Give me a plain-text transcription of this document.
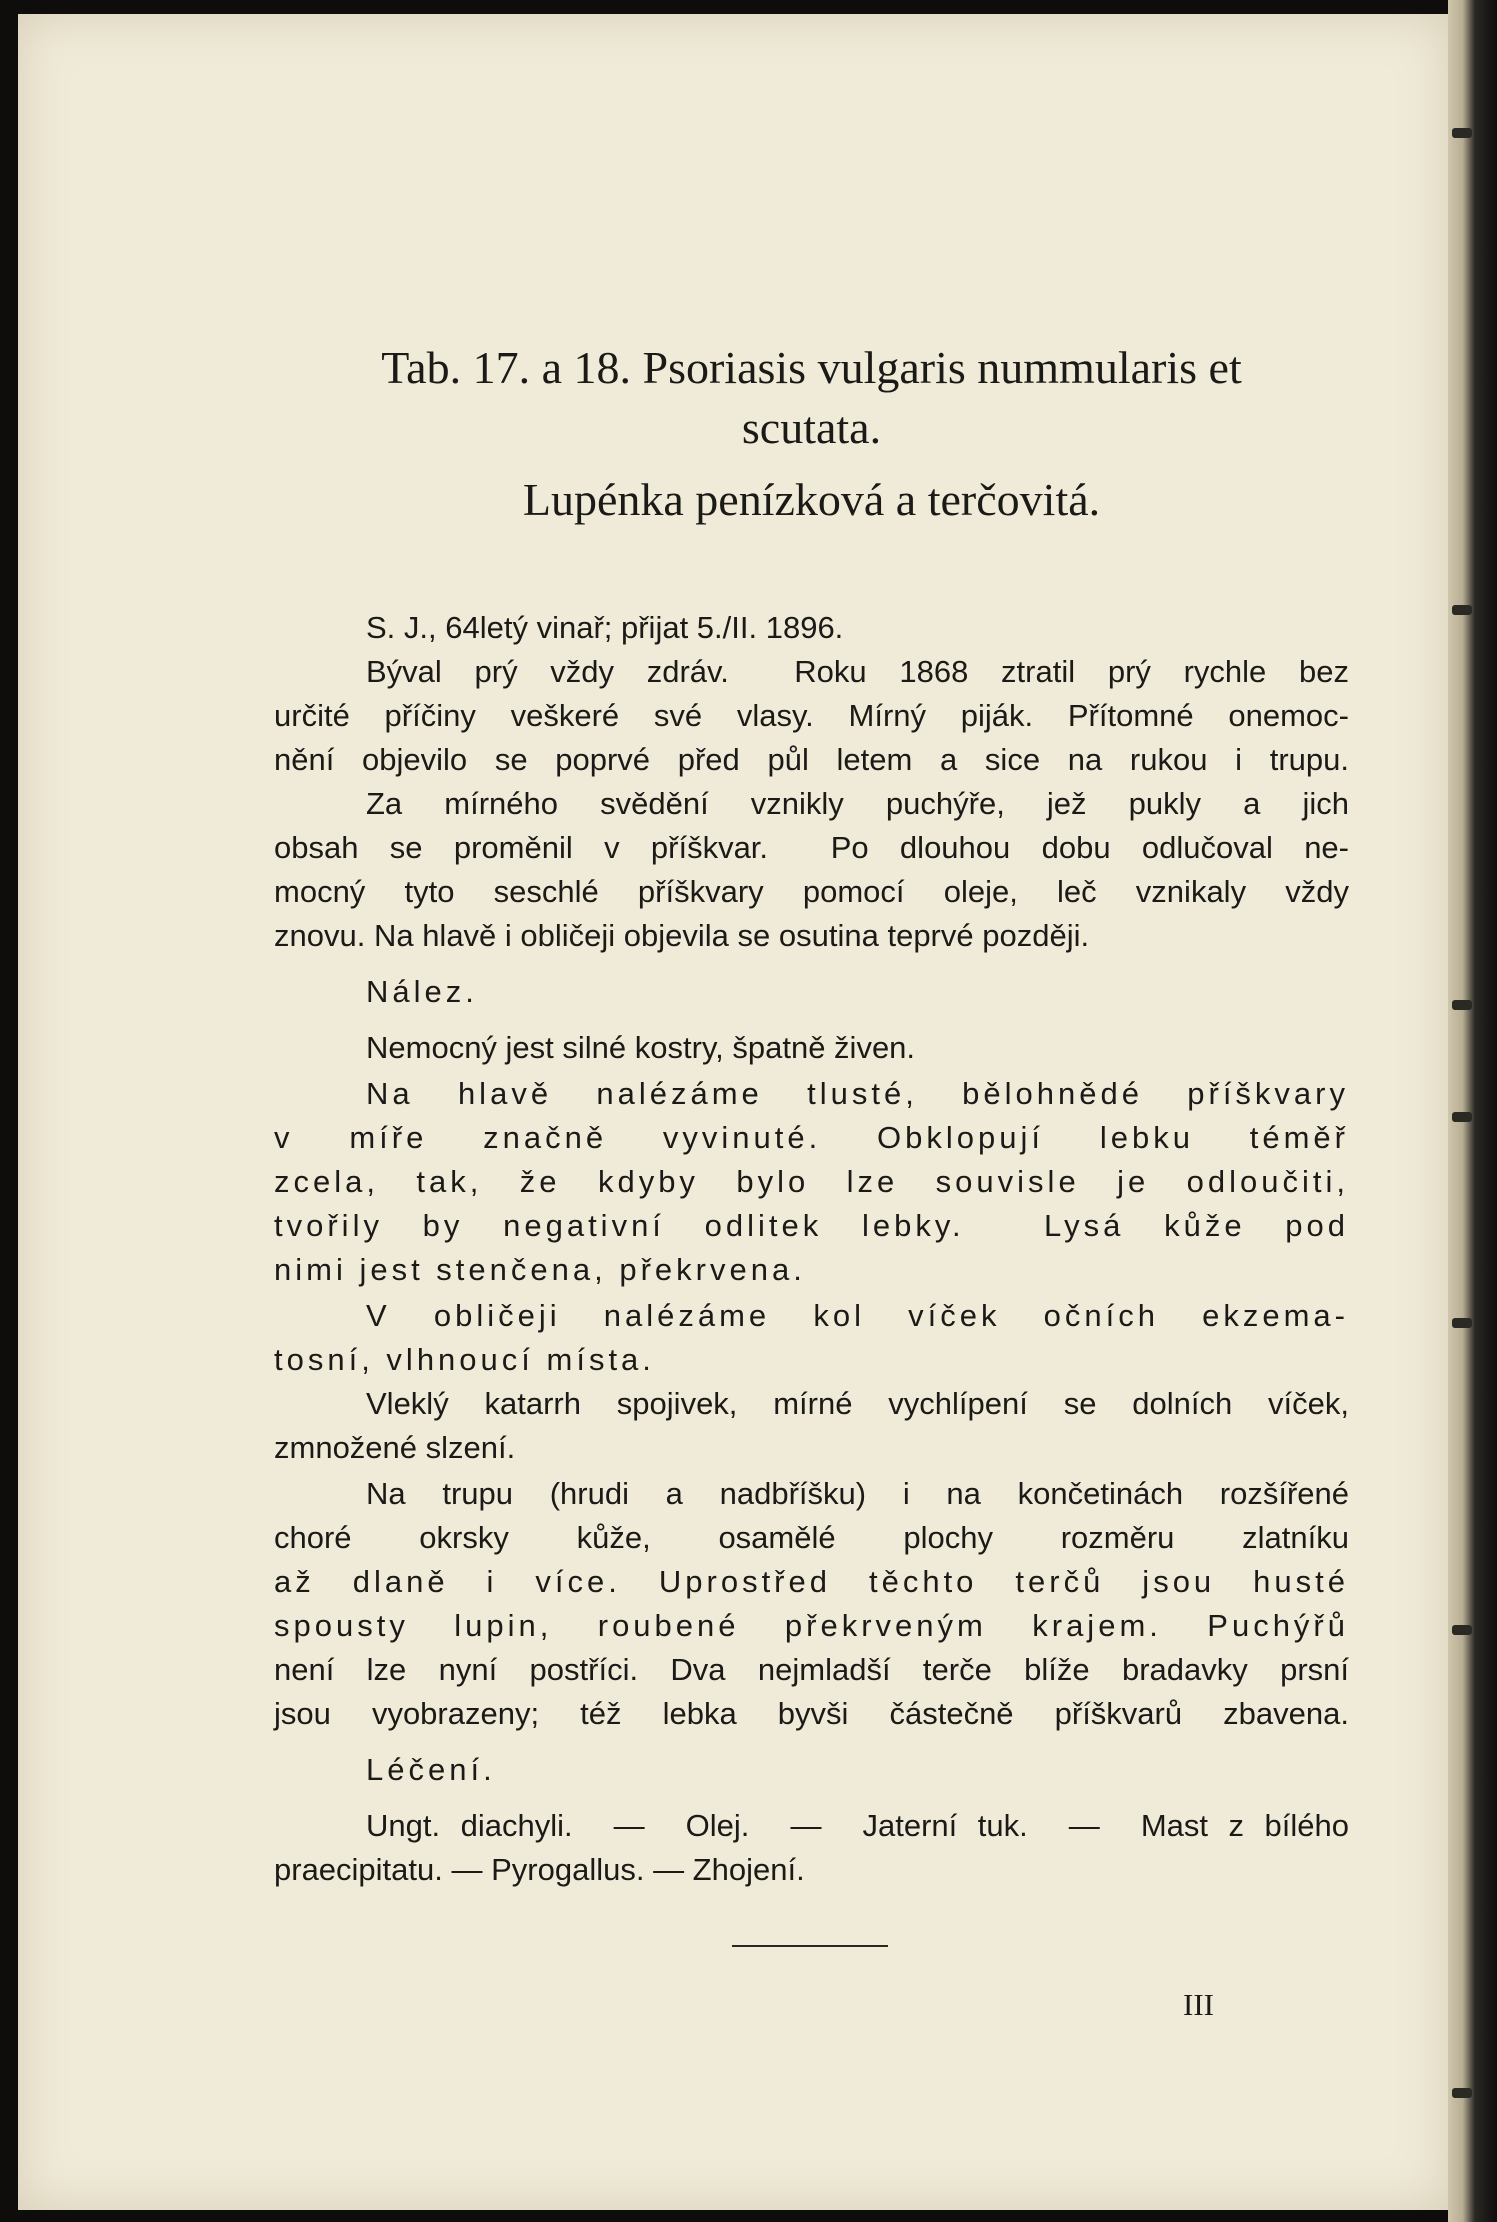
Tab. 17. a 18. Psoriasis vulgaris nummularis et
scutata.
Lupénka penízková a terčovitá.
S. J., 64letý vinař; přijat 5./II. 1896.
Býval prý vždy zdráv.  Roku 1868 ztratil prý rychle bez
určité příčiny veškeré své vlasy. Mírný piják. Přítomné onemoc-
nění objevilo se poprvé před půl letem a sice na rukou i trupu.
Za mírného svědění vznikly puchýře, jež pukly a jich
obsah se proměnil v příškvar.  Po dlouhou dobu odlučoval ne-
mocný tyto seschlé příškvary pomocí oleje, leč vznikaly vždy
znovu. Na hlavě i obličeji objevila se osutina teprvé později.
Nález.
Nemocný jest silné kostry, špatně živen.
Na hlavě nalézáme tlusté, bělohnědé příškvary
v míře značně vyvinuté. Obklopují lebku téměř
zcela, tak, že kdyby bylo lze souvisle je odloučiti,
tvořily by negativní odlitek lebky.  Lysá kůže pod
nimi jest stenčena, překrvena.
V obličeji nalézáme kol víček očních ekzema-
tosní, vlhnoucí místa.
Vleklý katarrh spojivek, mírné vychlípení se dolních víček,
zmnožené slzení.
Na trupu (hrudi a nadbříšku) i na končetinách rozšířené
choré okrsky kůže, osamělé plochy rozměru zlatníku
až dlaně i více. Uprostřed těchto terčů jsou husté
spousty lupin, roubené překrveným krajem. Puchýřů
není lze nyní postříci. Dva nejmladší terče blíže bradavky prsní
jsou vyobrazeny; též lebka byvši částečně příškvarů zbavena.
Léčení.
Ungt. diachyli.  —  Olej.  —  Jaterní tuk.  —  Mast z bílého
praecipitatu. — Pyrogallus. — Zhojení.
III
